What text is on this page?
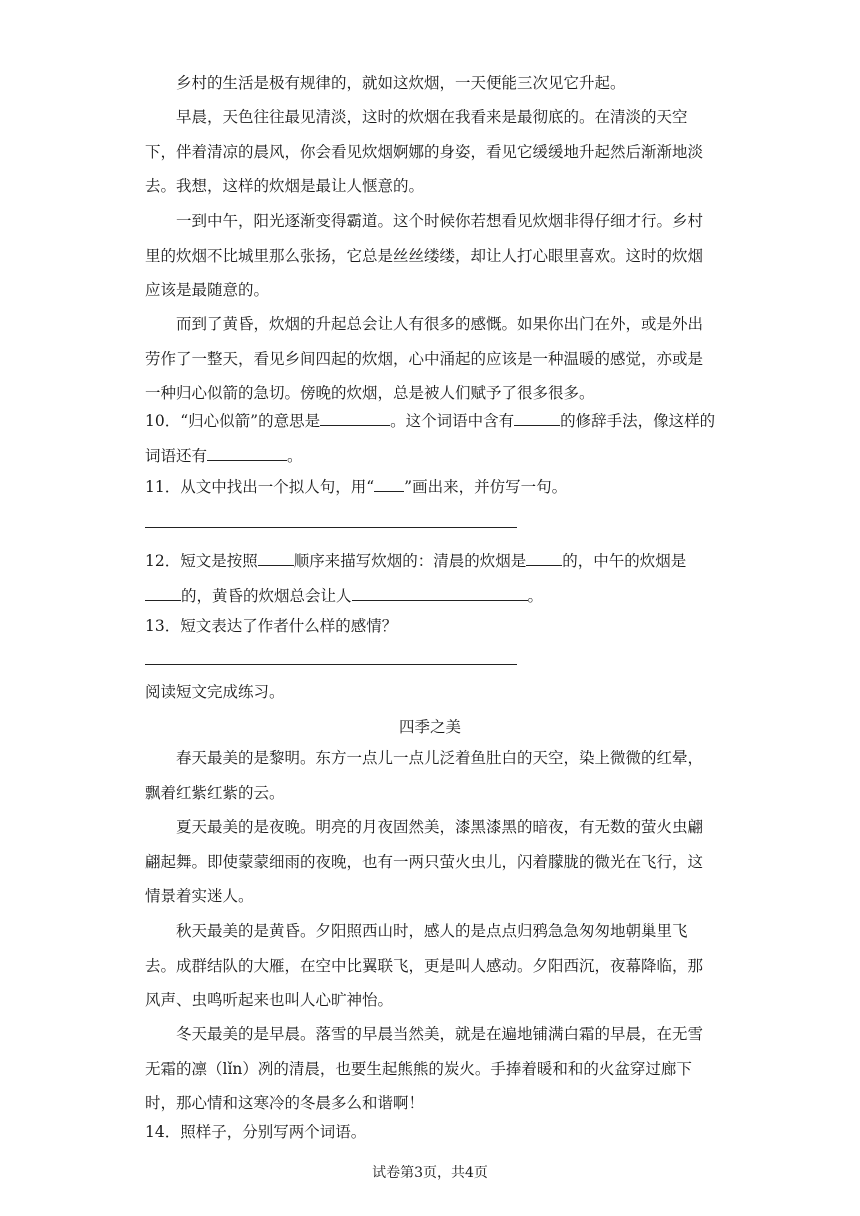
乡村的生活是极有规律的，就如这炊烟，一天便能三次见它升起。

早晨，天色往往最见清淡，这时的炊烟在我看来是最彻底的。在清淡的天空下，伴着清凉的晨风，你会看见炊烟婀娜的身姿，看见它缓缓地升起然后渐渐地淡去。我想，这样的炊烟是最让人惬意的。

一到中午，阳光逐渐变得霸道。这个时候你若想看见炊烟非得仔细才行。乡村里的炊烟不比城里那么张扬，它总是丝丝缕缕，却让人打心眼里喜欢。这时的炊烟应该是最随意的。

而到了黄昏，炊烟的升起总会让人有很多的感慨。如果你出门在外，或是外出劳作了一整天，看见乡间四起的炊烟，心中涌起的应该是一种温暖的感觉，亦或是一种归心似箭的急切。傍晚的炊烟，总是被人们赋予了很多很多。

10．“归心似箭”的意思是	。这个词语中含有	的修辞手法，像这样的词语还有	。

11．从文中找出一个拟人句，用“ ”画出来，并仿写一句。

12．短文是按照 顺序来描写炊烟的：清晨的炊烟是 的，中午的炊烟是的，黄昏的炊烟总会让人	。

13．短文表达了作者什么样的感情？

阅读短文完成练习。

四季之美

春天最美的是黎明。东方一点儿一点儿泛着鱼肚白的天空，染上微微的红晕，飘着红紫红紫的云。

夏天最美的是夜晚。明亮的月夜固然美，漆黑漆黑的暗夜，有无数的萤火虫翩翩起舞。即使蒙蒙细雨的夜晚，也有一两只萤火虫儿，闪着朦胧的微光在飞行，这情景着实迷人。

秋天最美的是黄昏。夕阳照西山时，感人的是点点归鸦急急匆匆地朝巢里飞去。成群结队的大雁，在空中比翼联飞，更是叫人感动。夕阳西沉，夜幕降临，那风声、虫鸣听起来也叫人心旷神怡。

冬天最美的是早晨。落雪的早晨当然美，就是在遍地铺满白霜的早晨，在无雪无霜的凛（lǐn）冽的清晨，也要生起熊熊的炭火。手捧着暖和和的火盆穿过廊下时，那心情和这寒冷的冬晨多么和谐啊！

14．照样子，分别写两个词语。

试卷第3页，共4页
